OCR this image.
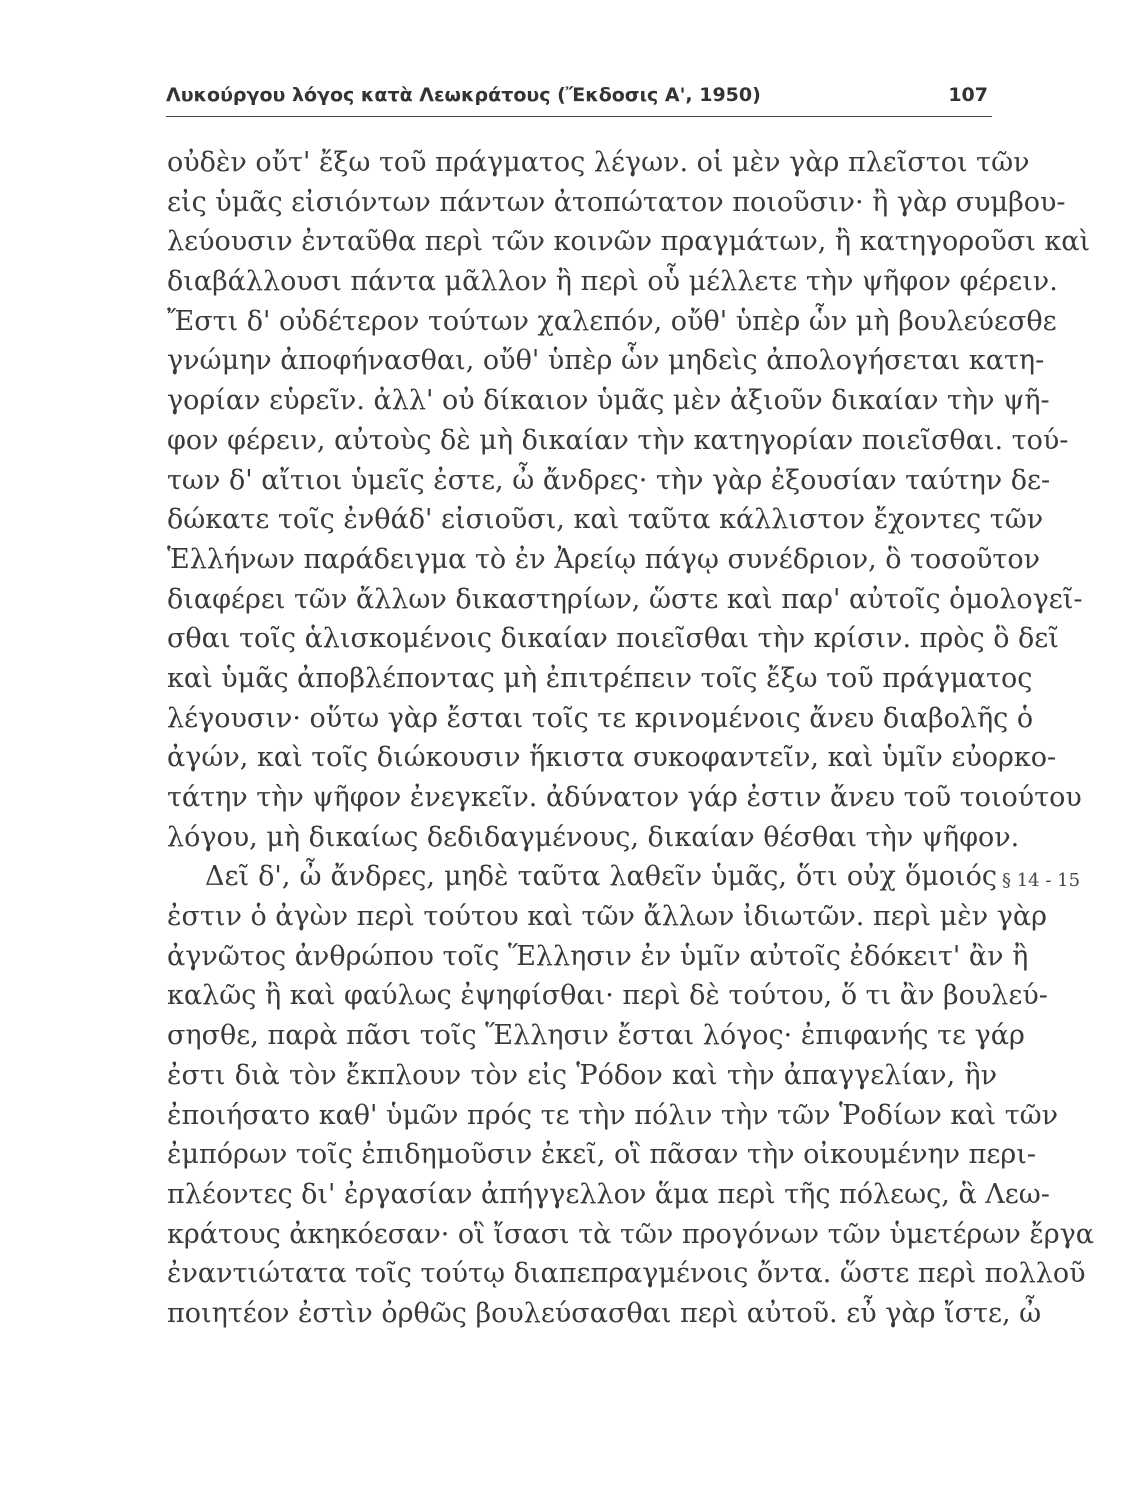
Λυκούργου λόγος κατὰ Λεωκράτους (Ἔκδοσις Α', 1950)	107
οὐδὲν οὔτ' ἔξω τοῦ πράγματος λέγων. οἱ μὲν γὰρ πλεῖστοι τῶν
εἰς ὑμᾶς εἰσιόντων πάντων ἀτοπώτατον ποιοῦσιν· ἢ γὰρ συμβου-
λεύουσιν ἐνταῦθα περὶ τῶν κοινῶν πραγμάτων, ἢ κατηγοροῦσι καὶ
διαβάλλουσι πάντα μᾶλλον ἢ περὶ οὗ μέλλετε τὴν ψῆφον φέρειν.
Ἔστι δ' οὐδέτερον τούτων χαλεπόν, οὔθ' ὑπὲρ ὧν μὴ βουλεύεσθε
γνώμην ἀποφήνασθαι, οὔθ' ὑπὲρ ὧν μηδεὶς ἀπολογήσεται κατη-
γορίαν εὑρεῖν. ἀλλ' οὐ δίκαιον ὑμᾶς μὲν ἀξιοῦν δικαίαν τὴν ψῆ-
φον φέρειν, αὐτοὺς δὲ μὴ δικαίαν τὴν κατηγορίαν ποιεῖσθαι. τού-
των δ' αἴτιοι ὑμεῖς ἐστε, ὦ ἄνδρες· τὴν γὰρ ἐξουσίαν ταύτην δε-
δώκατε τοῖς ἐνθάδ' εἰσιοῦσι, καὶ ταῦτα κάλλιστον ἔχοντες τῶν
Ἑλλήνων παράδειγμα τὸ ἐν Ἀρείῳ πάγῳ συνέδριον, ὃ τοσοῦτον
διαφέρει τῶν ἄλλων δικαστηρίων, ὥστε καὶ παρ' αὐτοῖς ὁμολογεῖ-
σθαι τοῖς ἁλισκομένοις δικαίαν ποιεῖσθαι τὴν κρίσιν. πρὸς ὃ δεῖ
καὶ ὑμᾶς ἀποβλέποντας μὴ ἐπιτρέπειν τοῖς ἔξω τοῦ πράγματος
λέγουσιν· οὕτω γὰρ ἔσται τοῖς τε κρινομένοις ἄνευ διαβολῆς ὁ
ἀγών, καὶ τοῖς διώκουσιν ἥκιστα συκοφαντεῖν, καὶ ὑμῖν εὐορκο-
τάτην τὴν ψῆφον ἐνεγκεῖν. ἀδύνατον γάρ ἐστιν ἄνευ τοῦ τοιούτου
λόγου, μὴ δικαίως δεδιδαγμένους, δικαίαν θέσθαι τὴν ψῆφον.
Δεῖ δ', ὦ ἄνδρες, μηδὲ ταῦτα λαθεῖν ὑμᾶς, ὅτι οὐχ ὅμοιός
ἐστιν ὁ ἀγὼν περὶ τούτου καὶ τῶν ἄλλων ἰδιωτῶν. περὶ μὲν γὰρ
ἀγνῶτος ἀνθρώπου τοῖς Ἕλλησιν ἐν ὑμῖν αὐτοῖς ἐδόκειτ' ἂν ἢ
καλῶς ἢ καὶ φαύλως ἐψηφίσθαι· περὶ δὲ τούτου, ὅ τι ἂν βουλεύ-
σησθε, παρὰ πᾶσι τοῖς Ἕλλησιν ἔσται λόγος· ἐπιφανής τε γάρ
ἐστι διὰ τὸν ἔκπλουν τὸν εἰς Ῥόδον καὶ τὴν ἀπαγγελίαν, ἣν
ἐποιήσατο καθ' ὑμῶν πρός τε τὴν πόλιν τὴν τῶν Ῥοδίων καὶ τῶν
ἐμπόρων τοῖς ἐπιδημοῦσιν ἐκεῖ, οἳ πᾶσαν τὴν οἰκουμένην περι-
πλέοντες δι' ἐργασίαν ἀπήγγελλον ἅμα περὶ τῆς πόλεως, ἃ Λεω-
κράτους ἀκηκόεσαν· οἳ ἴσασι τὰ τῶν προγόνων τῶν ὑμετέρων ἔργα
ἐναντιώτατα τοῖς τούτῳ διαπεπραγμένοις ὄντα. ὥστε περὶ πολλοῦ
ποιητέον ἐστὶν ὀρθῶς βουλεύσασθαι περὶ αὐτοῦ. εὖ γὰρ ἴστε, ὦ
§ 14 - 15
